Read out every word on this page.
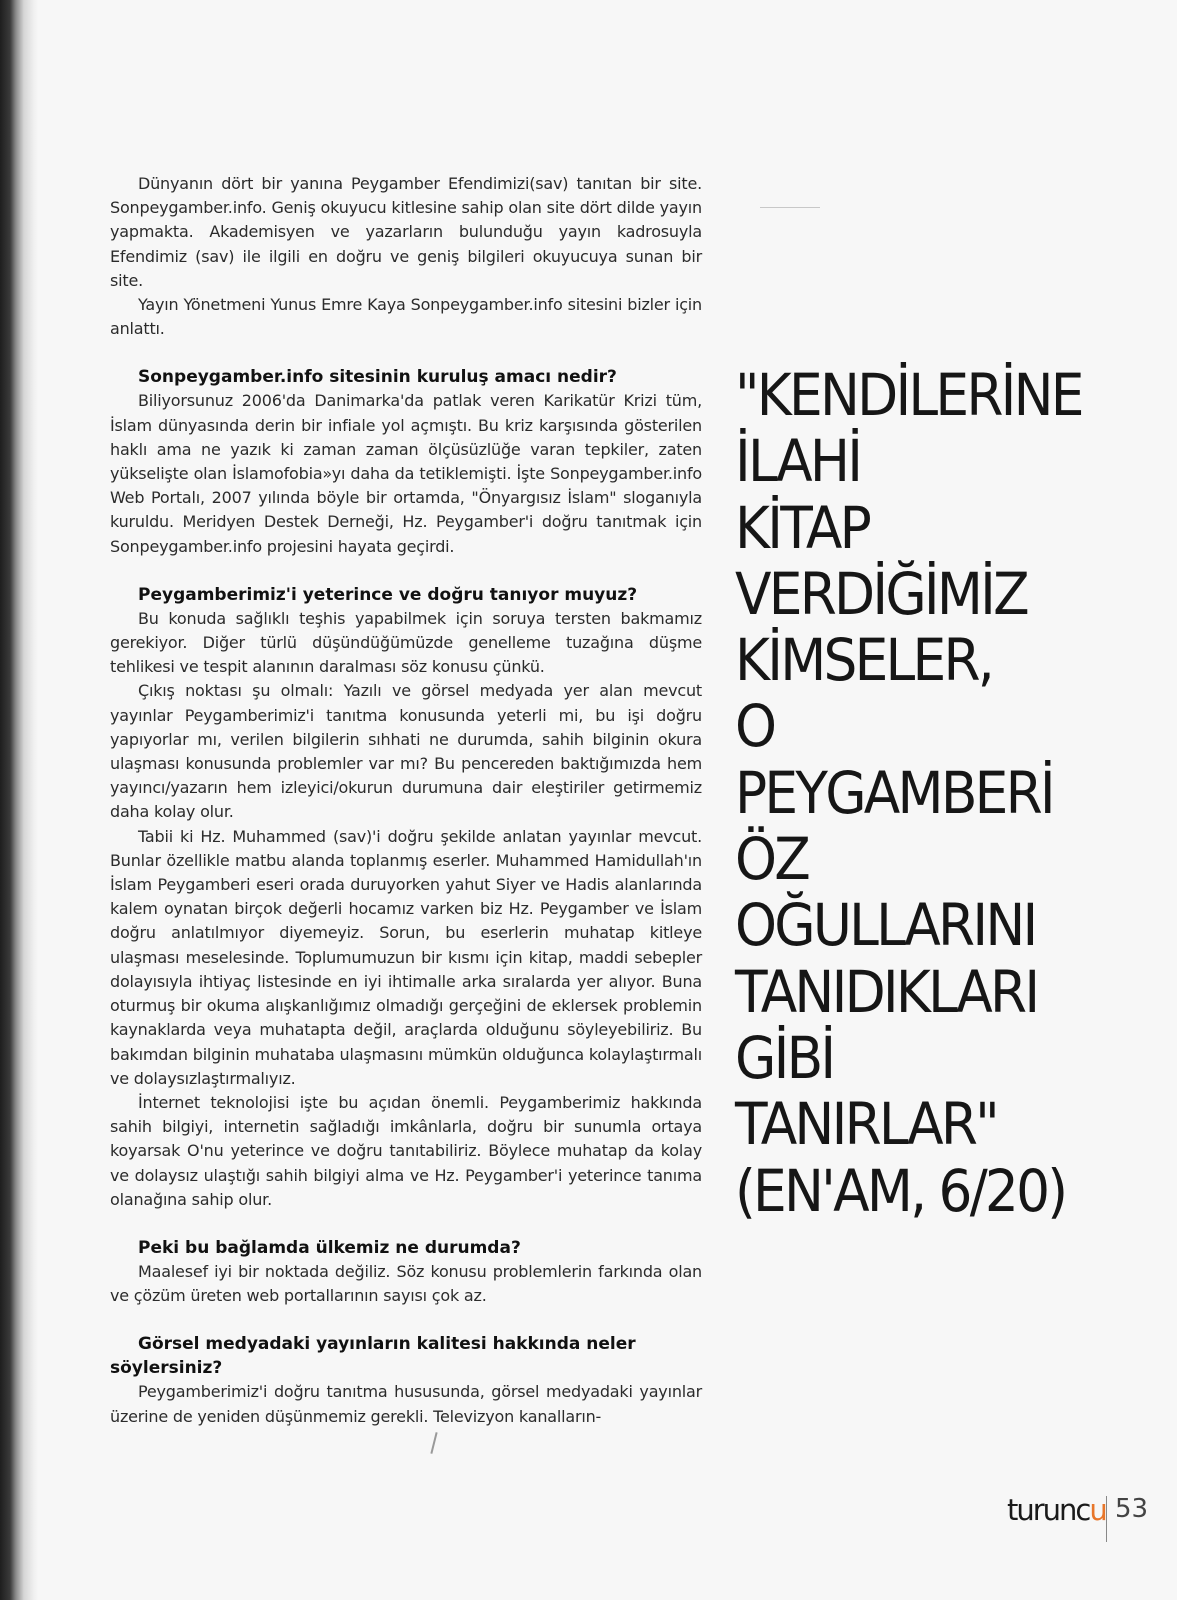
Dünyanın dört bir yanına Peygamber Efendimizi(sav) tanıtan bir site. Sonpeygamber.info. Geniş okuyucu kitlesine sahip olan site dört dilde yayın yapmakta. Akademisyen ve yazarların bulunduğu yayın kadrosuyla Efendimiz (sav) ile ilgili en doğru ve geniş bilgileri okuyucuya sunan bir site.

Yayın Yönetmeni Yunus Emre Kaya Sonpeygamber.info sitesini bizler için anlattı.

Sonpeygamber.info sitesinin kuruluş amacı nedir?

Biliyorsunuz 2006'da Danimarka'da patlak veren Karikatür Krizi tüm, İslam dünyasında derin bir infiale yol açmıştı. Bu kriz karşısında gösterilen haklı ama ne yazık ki zaman zaman ölçüsüzlüğe varan tepkiler, zaten yükselişte olan İslamofobia»yı daha da tetiklemişti. İşte Sonpeygamber.info Web Portalı, 2007 yılında böyle bir ortamda, "Önyargısız İslam" sloganıyla kuruldu. Meridyen Destek Derneği, Hz. Peygamber'i doğru tanıtmak için Sonpeygamber.info projesini hayata geçirdi.

Peygamberimiz'i yeterince ve doğru tanıyor muyuz?

Bu konuda sağlıklı teşhis yapabilmek için soruya tersten bakmamız gerekiyor. Diğer türlü düşündüğümüzde genelleme tuzağına düşme tehlikesi ve tespit alanının daralması söz konusu çünkü.

Çıkış noktası şu olmalı: Yazılı ve görsel medyada yer alan mevcut yayınlar Peygamberimiz'i tanıtma konusunda yeterli mi, bu işi doğru yapıyorlar mı, verilen bilgilerin sıhhati ne durumda, sahih bilginin okura ulaşması konusunda problemler var mı? Bu pencereden baktığımızda hem yayıncı/yazarın hem izleyici/okurun durumuna dair eleştiriler getirmemiz daha kolay olur.

Tabii ki Hz. Muhammed (sav)'i doğru şekilde anlatan yayınlar mevcut. Bunlar özellikle matbu alanda toplanmış eserler. Muhammed Hamidullah'ın İslam Peygamberi eseri orada duruyorken yahut Siyer ve Hadis alanlarında kalem oynatan birçok değerli hocamız varken biz Hz. Peygamber ve İslam doğru anlatılmıyor diyemeyiz. Sorun, bu eserlerin muhatap kitleye ulaşması meselesinde. Toplumumuzun bir kısmı için kitap, maddi sebepler dolayısıyla ihtiyaç listesinde en iyi ihtimalle arka sıralarda yer alıyor. Buna oturmuş bir okuma alışkanlığımız olmadığı gerçeğini de eklersek problemin kaynaklarda veya muhatapta değil, araçlarda olduğunu söyleyebiliriz. Bu bakımdan bilginin muhataba ulaşmasını mümkün olduğunca kolaylaştırmalı ve dolaysızlaştırmalıyız.

İnternet teknolojisi işte bu açıdan önemli. Peygamberimiz hakkında sahih bilgiyi, internetin sağladığı imkânlarla, doğru bir sunumla ortaya koyarsak O'nu yeterince ve doğru tanıtabiliriz. Böylece muhatap da kolay ve dolaysız ulaştığı sahih bilgiyi alma ve Hz. Peygamber'i yeterince tanıma olanağına sahip olur.

Peki bu bağlamda ülkemiz ne durumda?

Maalesef iyi bir noktada değiliz. Söz konusu problemlerin farkında olan ve çözüm üreten web portallarının sayısı çok az.

Görsel medyadaki yayınların kalitesi hakkında neler söylersiniz?

Peygamberimiz'i doğru tanıtma hususunda, görsel medyadaki yayınlar üzerine de yeniden düşünmemiz gerekli. Televizyon kanalların-

"KENDİLERİNE
İLAHİ
KİTAP
VERDİĞİMİZ
KİMSELER,
O
PEYGAMBERİ
ÖZ
OĞULLARINI
TANIDIKLARI
GİBİ
TANIRLAR"
(EN'AM, 6/20)
turuncu 53
